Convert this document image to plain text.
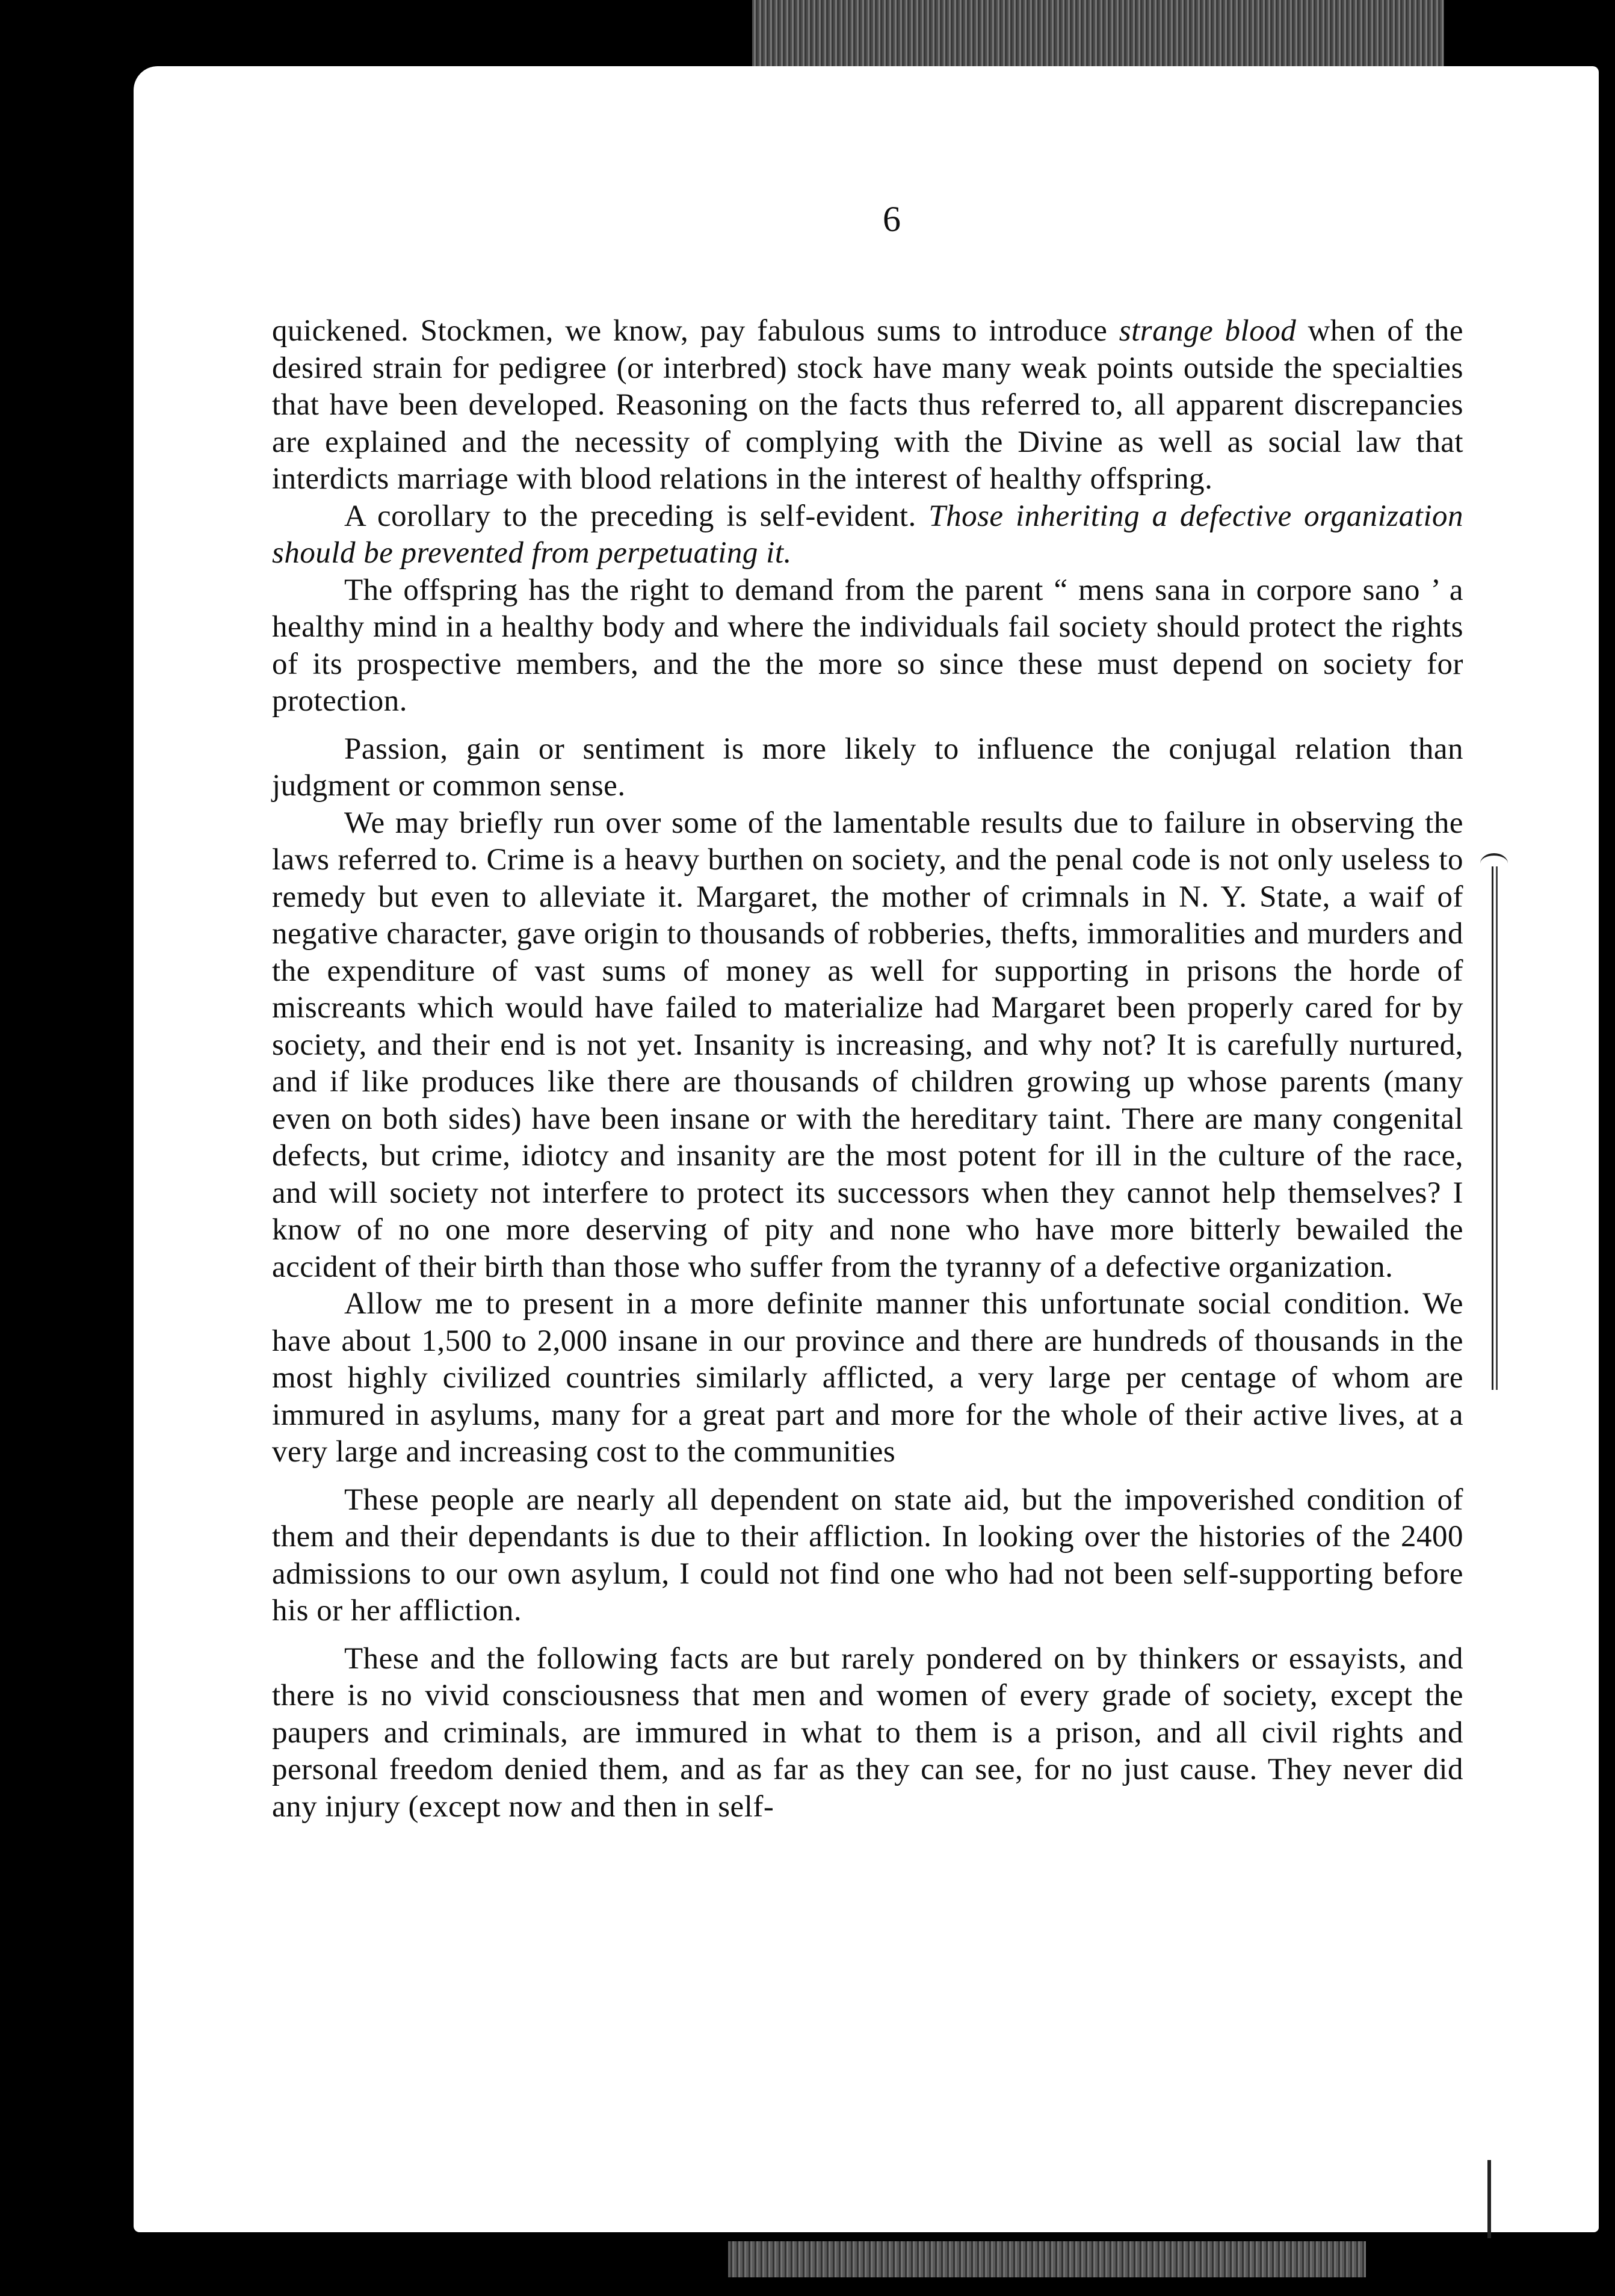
6

quickened. Stockmen, we know, pay fabulous sums to introduce strange blood when of the desired strain for pedigree (or interbred) stock have many weak points outside the specialties that have been developed. Reasoning on the facts thus referred to, all apparent discrepancies are explained and the necessity of complying with the Divine as well as social law that interdicts marriage with blood relations in the interest of healthy offspring.

A corollary to the preceding is self-evident. Those inheriting a defective organization should be prevented from perpetuating it.

The offspring has the right to demand from the parent “ mens sana in corpore sano ’ a healthy mind in a healthy body and where the individuals fail society should protect the rights of its prospective members, and the the more so since these must depend on society for protection.

Passion, gain or sentiment is more likely to influence the conjugal relation than judgment or common sense.

We may briefly run over some of the lamentable results due to failure in observing the laws referred to. Crime is a heavy burthen on society, and the penal code is not only useless to remedy but even to alleviate it. Margaret, the mother of crimnals in N. Y. State, a waif of negative character, gave origin to thousands of robberies, thefts, immoralities and murders and the expenditure of vast sums of money as well for supporting in prisons the horde of miscreants which would have failed to materialize had Margaret been properly cared for by society, and their end is not yet. Insanity is increasing, and why not? It is carefully nurtured, and if like produces like there are thousands of children growing up whose parents (many even on both sides) have been insane or with the hereditary taint. There are many congenital defects, but crime, idiotcy and insanity are the most potent for ill in the culture of the race, and will society not interfere to protect its successors when they cannot help themselves? I know of no one more deserving of pity and none who have more bitterly bewailed the accident of their birth than those who suffer from the tyranny of a defective organization.

Allow me to present in a more definite manner this unfortunate social condition. We have about 1,500 to 2,000 insane in our province and there are hundreds of thousands in the most highly civilized countries similarly afflicted, a very large per centage of whom are immured in asylums, many for a great part and more for the whole of their active lives, at a very large and increasing cost to the communities

These people are nearly all dependent on state aid, but the impoverished condition of them and their dependants is due to their affliction. In looking over the histories of the 2400 admissions to our own asylum, I could not find one who had not been self-supporting before his or her affliction.

These and the following facts are but rarely pondered on by thinkers or essayists, and there is no vivid consciousness that men and women of every grade of society, except the paupers and criminals, are immured in what to them is a prison, and all civil rights and personal freedom denied them, and as far as they can see, for no just cause. They never did any injury (except now and then in self-
